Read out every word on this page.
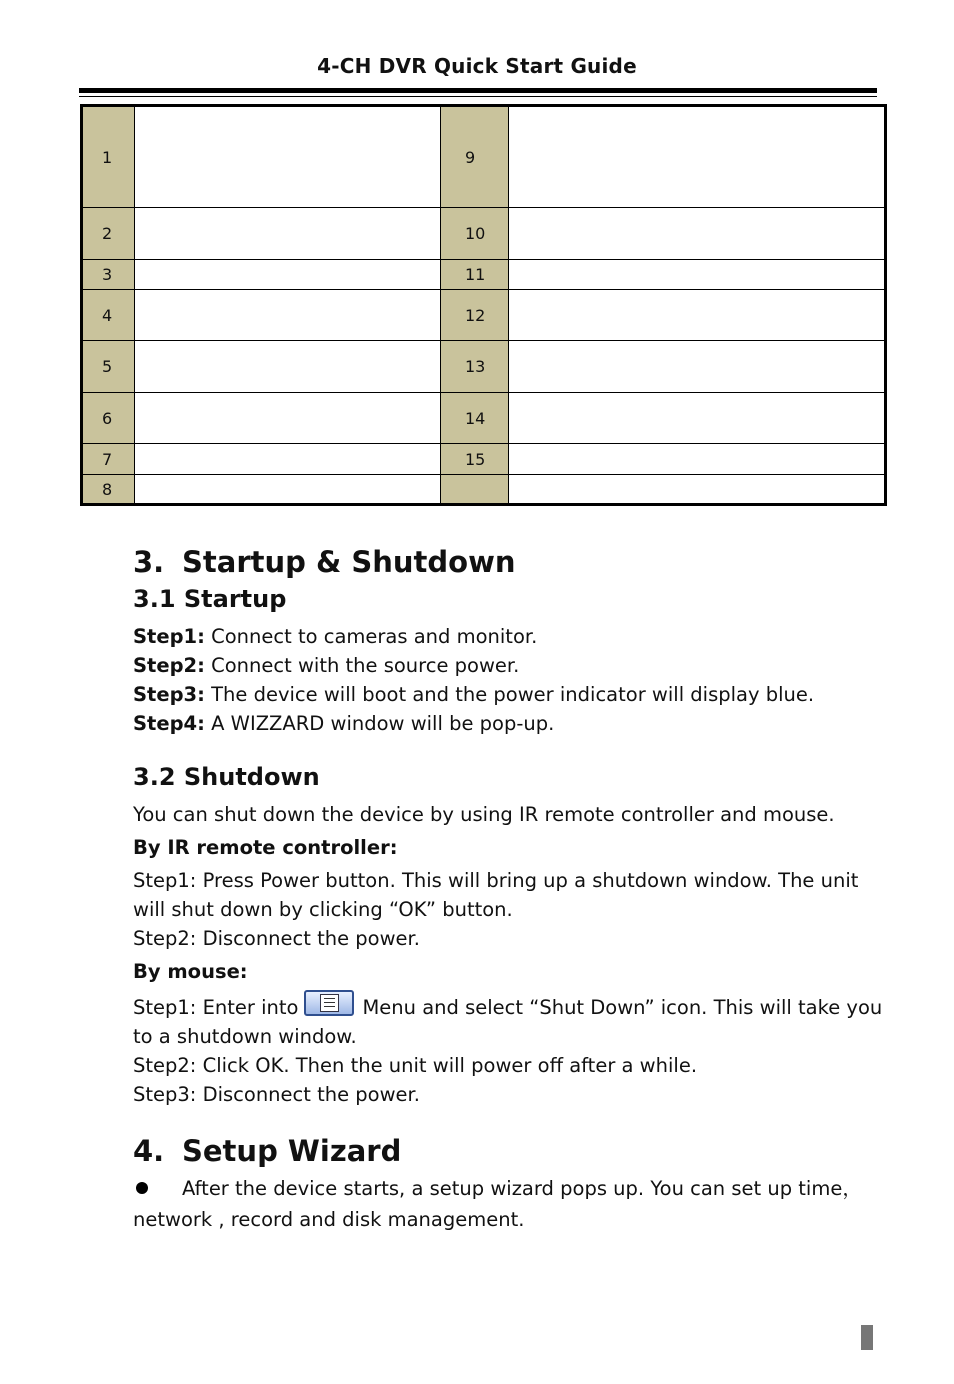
4-CH DVR Quick Start Guide
1		9	
2		10	
3		11	
4		12	
5		13	
6		14	
7		15	
8			
3. Startup & Shutdown
3.1 Startup

Step1: Connect to cameras and monitor.

Step2: Connect with the source power.

Step3: The device will boot and the power indicator will display blue.

Step4: A WIZZARD window will be pop-up.

3.2 Shutdown

You can shut down the device by using IR remote controller and mouse.

By IR remote controller:

Step1: Press Power button. This will bring up a shutdown window. The unit will shut down by clicking “OK” button.

Step2: Disconnect the power.

By mouse:

Step1: Enter into	Menu and select “Shut Down” icon. This will take you to a shutdown window.

Step2: Click OK. Then the unit will power off after a while.

Step3: Disconnect the power.

4. Setup Wizard

After the device starts, a setup wizard pops up. You can set up time，network , record and disk management.
